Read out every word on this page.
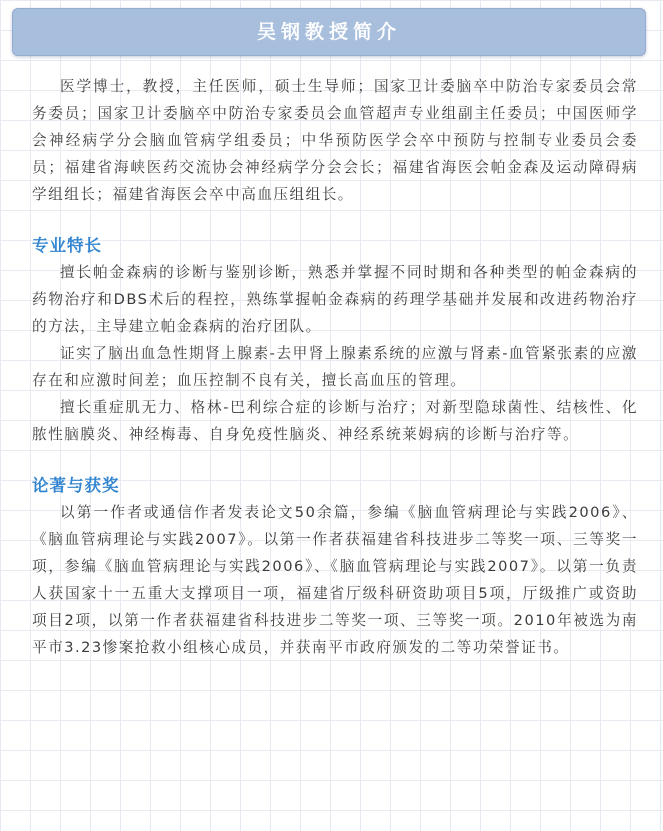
吴钢教授简介

医学博士，教授，主任医师，硕士生导师；国家卫计委脑卒中防治专家委员会常务委员；国家卫计委脑卒中防治专家委员会血管超声专业组副主任委员；中国医师学会神经病学分会脑血管病学组委员；中华预防医学会卒中预防与控制专业委员会委员；福建省海峡医药交流协会神经病学分会会长；福建省海医会帕金森及运动障碍病学组组长；福建省海医会卒中高血压组组长。

专业特长

擅长帕金森病的诊断与鉴别诊断，熟悉并掌握不同时期和各种类型的帕金森病的药物治疗和DBS术后的程控，熟练掌握帕金森病的药理学基础并发展和改进药物治疗的方法，主导建立帕金森病的治疗团队。

证实了脑出血急性期肾上腺素-去甲肾上腺素系统的应激与肾素-血管紧张素的应激存在和应激时间差；血压控制不良有关，擅长高血压的管理。

擅长重症肌无力、格林-巴利综合症的诊断与治疗；对新型隐球菌性、结核性、化脓性脑膜炎、神经梅毒、自身免疫性脑炎、神经系统莱姆病的诊断与治疗等。

论著与获奖

以第一作者或通信作者发表论文50余篇，参编《脑血管病理论与实践2006》、《脑血管病理论与实践2007》。以第一作者获福建省科技进步二等奖一项、三等奖一项，参编《脑血管病理论与实践2006》、《脑血管病理论与实践2007》。以第一负责人获国家十一五重大支撑项目一项，福建省厅级科研资助项目5项，厅级推广或资助项目2项，以第一作者获福建省科技进步二等奖一项、三等奖一项。2010年被选为南平市3.23惨案抢救小组核心成员，并获南平市政府颁发的二等功荣誉证书。
